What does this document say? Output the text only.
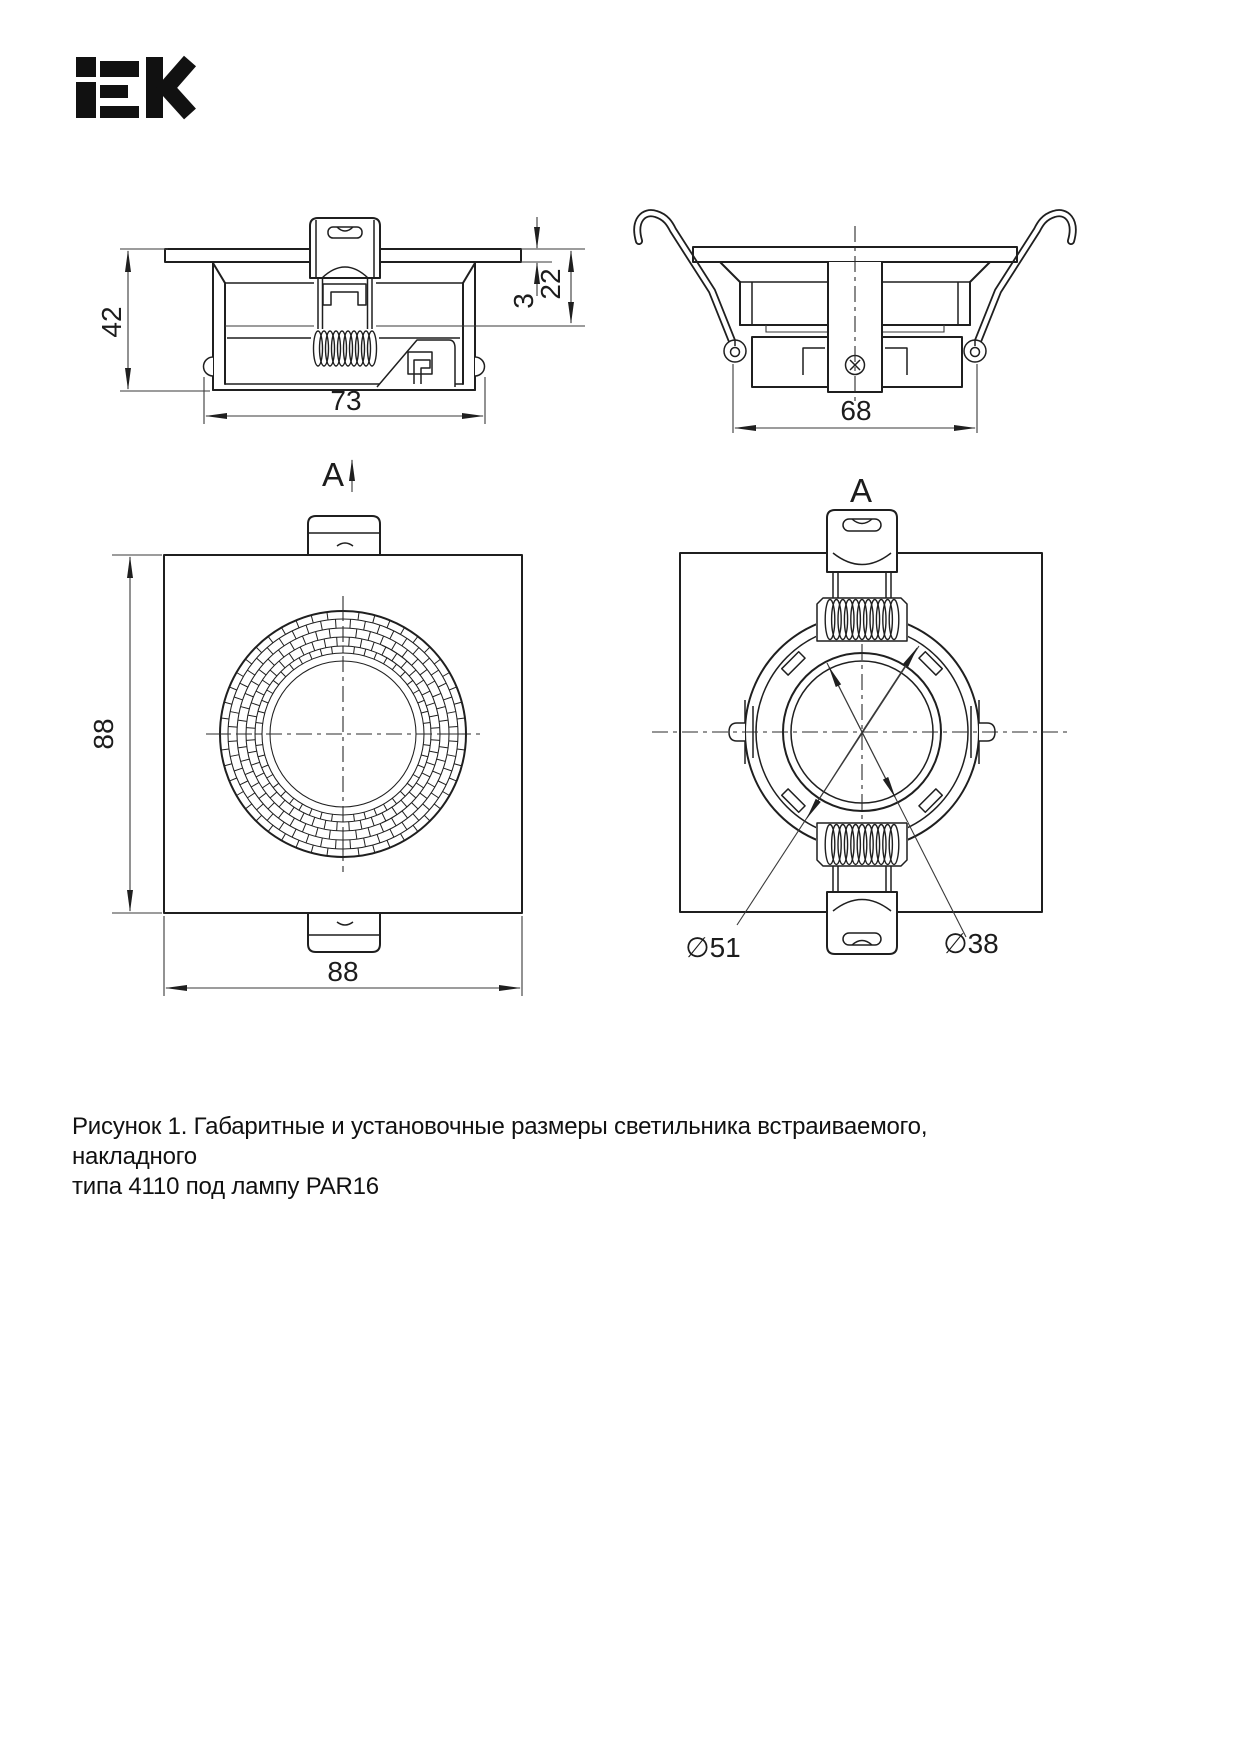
42
73
3
22
68
A
88
88
A
∅51	∅38
Рисунок 1. Габаритные и установочные размеры светильника встраиваемого, накладного
типа 4110 под лампу PAR16
